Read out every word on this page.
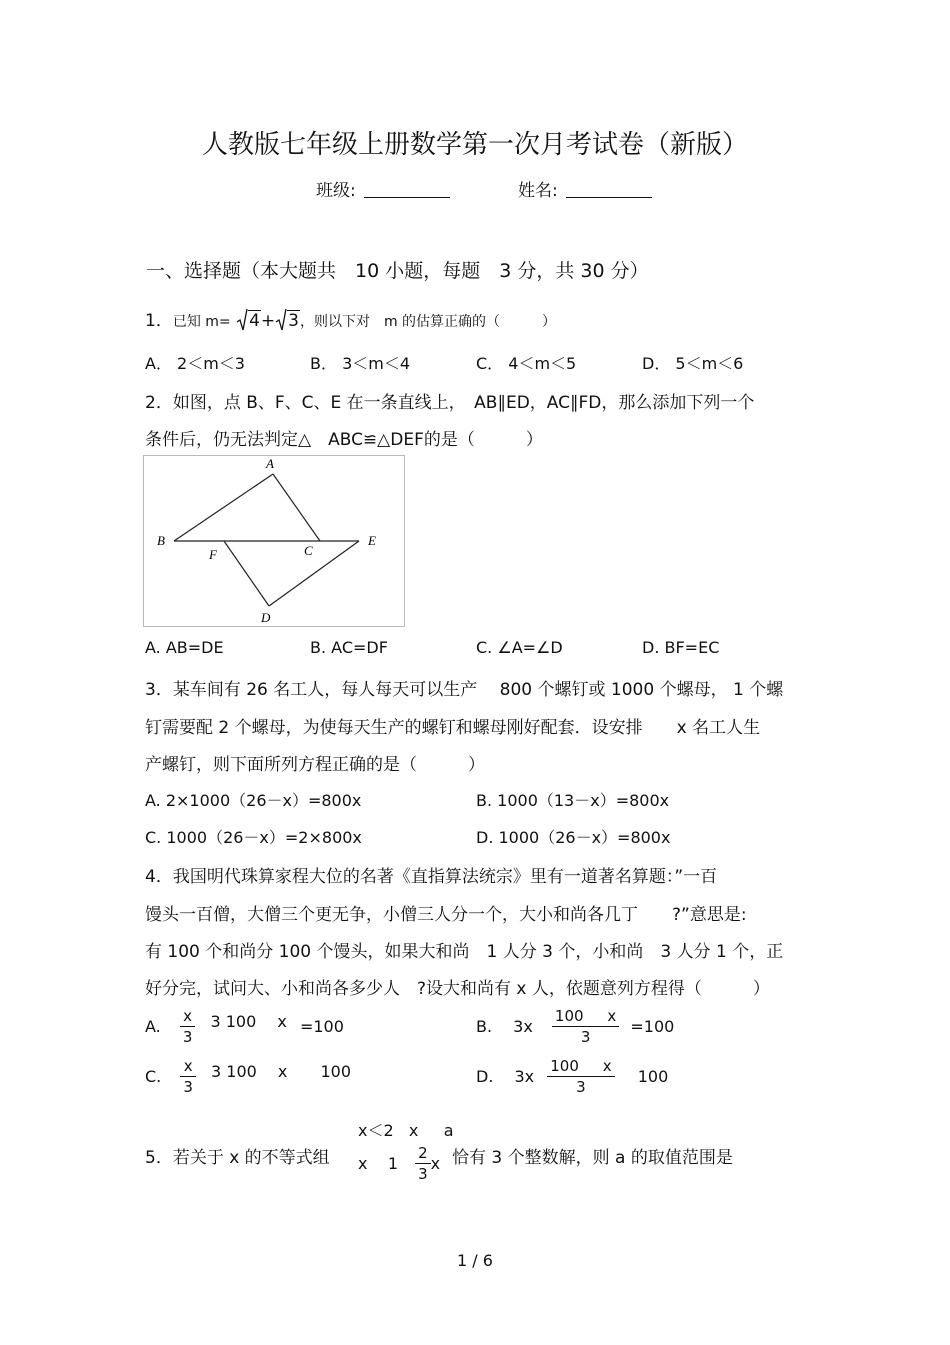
人教版七年级上册数学第一次月考试卷（新版）
班级:	姓名:
一、选择题（本大题共　10 小题，每题　3 分，共 30 分）
1．已知 m= 4+ 3，则以下对　m 的估算正确的（　　　）
A． 2＜m＜3	B． 3＜m＜4	C． 4＜m＜5	D． 5＜m＜6
2．如图，点 B、F、C、E 在一条直线上，　AB∥ED，AC∥FD，那么添加下列一个
条件后，仍无法判定△　ABC≌△DEF的是（　　　）
A
B
F	C
E
D
A. AB=DE	B. AC=DF	C. ∠A=∠D	D. BF=EC
3．某车间有 26 名工人，每人每天可以生产　 800 个螺钉或 1000 个螺母， 1 个螺
钉需要配 2 个螺母，为使每天生产的螺钉和螺母刚好配套．设安排　　x 名工人生
产螺钉，则下面所列方程正确的是（　　　）
A. 2×1000（26－x）=800x	B. 1000（13－x）=800x
C. 1000（26－x）=2×800x	D. 1000（26－x）=800x
4．我国明代珠算家程大位的名著《直指算法统宗》里有一道著名算题：”一百
馒头一百僧，大僧三个更无争，小僧三人分一个，大小和尚各几丁　　?”意思是:
有 100 个和尚分 100 个馒头，如果大和尚　1 人分 3 个，小和尚　3 人分 1 个，正
好分完，试问大、小和尚各多少人　?设大和尚有 x 人，依题意列方程得（　　　）
A. $\frac{x}{3} 3$ 100 x =100	B. $3x \frac{100 x}{3} =100$
C. $\frac{x}{3} 3$ 100 x 100	D. $3x \frac{100 x}{3} 100$
5．若关于 x 的不等式组
x＜2   x     a
x    $1 \frac{2}{3}$ x 恰有 3 个整数解，则 a 的取值范围是
1 / 6
